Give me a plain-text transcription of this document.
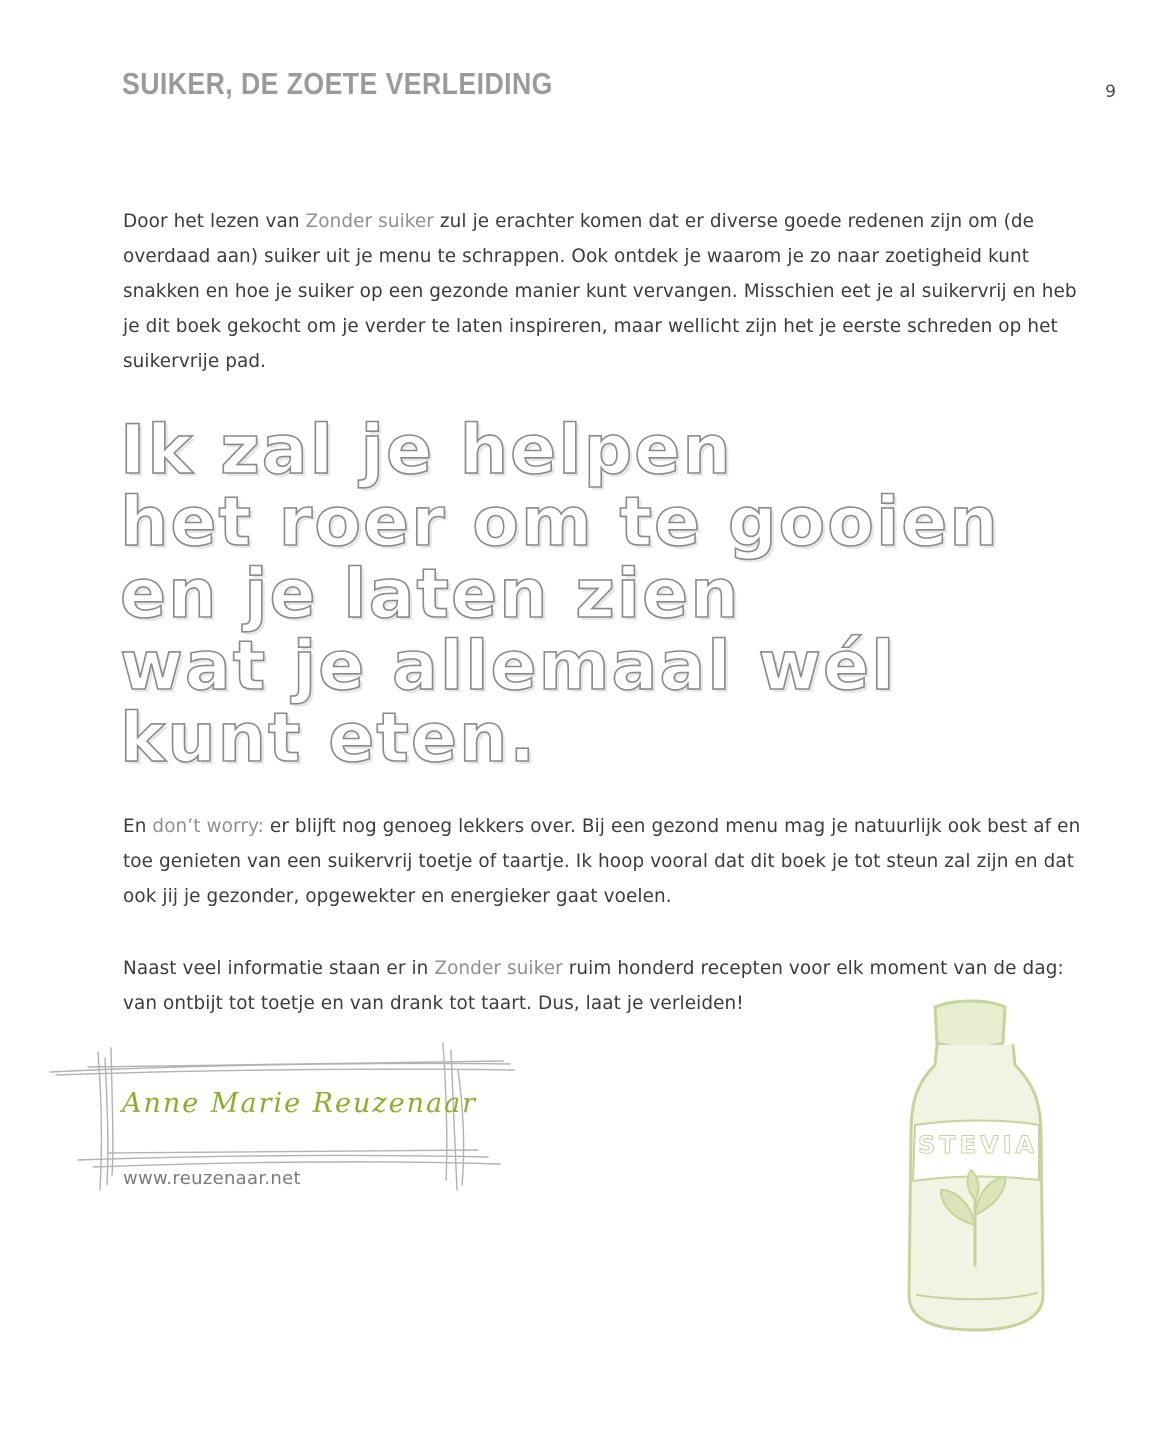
SUIKER, DE ZOETE VERLEIDING	9

Door het lezen van Zonder suiker zul je erachter komen dat er diverse goede redenen zijn om (de overdaad aan) suiker uit je menu te schrappen. Ook ontdek je waarom je zo naar zoetigheid kunt snakken en hoe je suiker op een gezonde manier kunt vervangen. Misschien eet je al suikervrij en heb je dit boek gekocht om je verder te laten inspireren, maar wellicht zijn het je eerste schreden op het suikervrije pad.

Ik zal je helpen
het roer om te gooien
en je laten zien
wat je allemaal wél
kunt eten.

En don’t worry: er blijft nog genoeg lekkers over. Bij een gezond menu mag je natuurlijk ook best af en toe genieten van een suikervrij toetje of taartje. Ik hoop vooral dat dit boek je tot steun zal zijn en dat ook jij je gezonder, opgewekter en energieker gaat voelen.

Naast veel informatie staan er in Zonder suiker ruim honderd recepten voor elk moment van de dag: van ontbijt tot toetje en van drank tot taart. Dus, laat je verleiden!

Anne Marie Reuzenaar
www.reuzenaar.net
STEVIA
